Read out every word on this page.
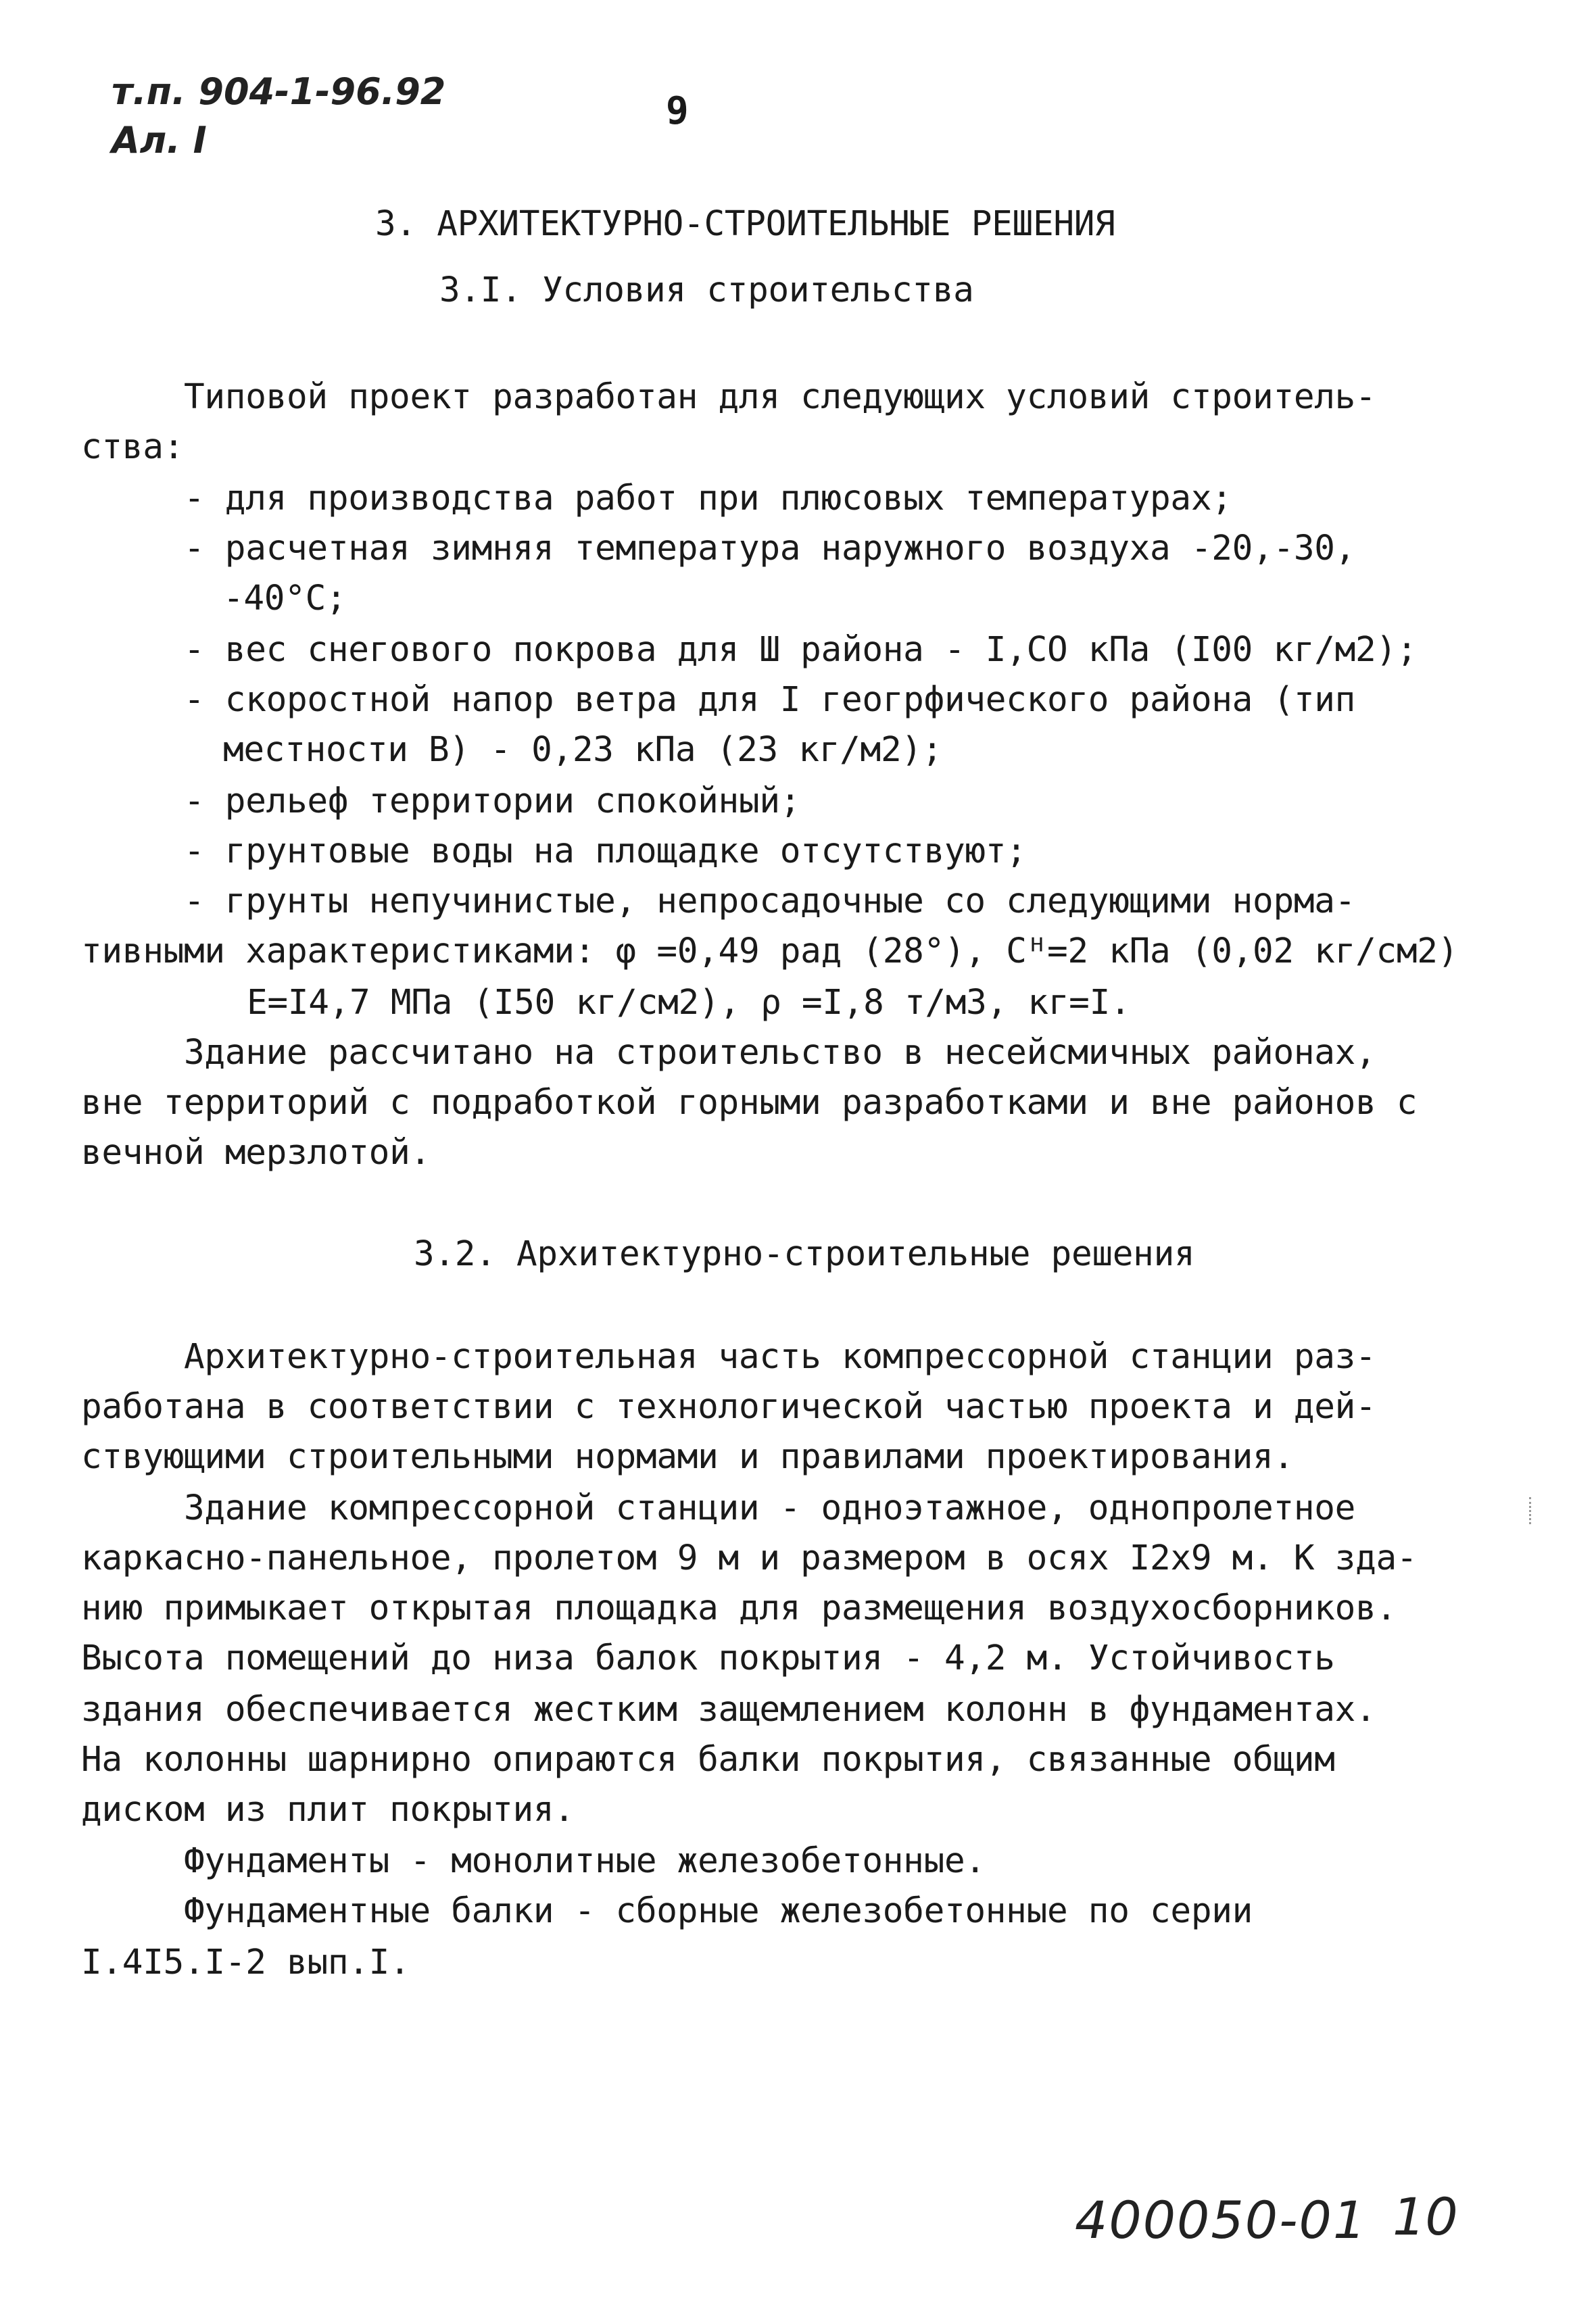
т.п. 904-1-96.92
Ал. I
9
3. АРХИТЕКТУРНО-СТРОИТЕЛЬНЫЕ РЕШЕНИЯ
3.I. Условия строительства
Типовой проект разработан для следующих условий строитель-
ства:
- для производства работ при плюсовых температурах;
- расчетная зимняя температура наружного воздуха -20,-30,
-40°С;
- вес снегового покрова для Ш района - I,СО кПа (I00 кг/м2);
- скоростной напор ветра для I геогрфического района (тип
местности В) - 0,23 кПа (23 кг/м2);
- рельеф территории спокойный;
- грунтовые воды на площадке отсутствуют;
- грунты непучинистые, непросадочные со следующими норма-
тивными характеристиками: φ =0,49 рад (28°), Сᴴ=2 кПа (0,02 кг/см2)
Е=I4,7 МПа (I50 кг/см2), ρ =I,8 т/м3, кг=I.
Здание рассчитано на строительство в несейсмичных районах,
вне территорий с подработкой горными разработками и вне районов с
вечной мерзлотой.
3.2. Архитектурно-строительные решения
Архитектурно-строительная часть компрессорной станции раз-
работана в соответствии с технологической частью проекта и дей-
ствующими строительными нормами и правилами проектирования.
Здание компрессорной станции - одноэтажное, однопролетное
каркасно-панельное, пролетом 9 м и размером в осях I2х9 м. К зда-
нию примыкает открытая площадка для размещения воздухосборников.
Высота помещений до низа балок покрытия - 4,2 м. Устойчивость
здания обеспечивается жестким защемлением колонн в фундаментах.
На колонны шарнирно опираются балки покрытия, связанные общим
диском из плит покрытия.
Фундаменты - монолитные железобетонные.
Фундаментные балки - сборные железобетонные по серии
I.4I5.I-2 вып.I.
400050-01 10
